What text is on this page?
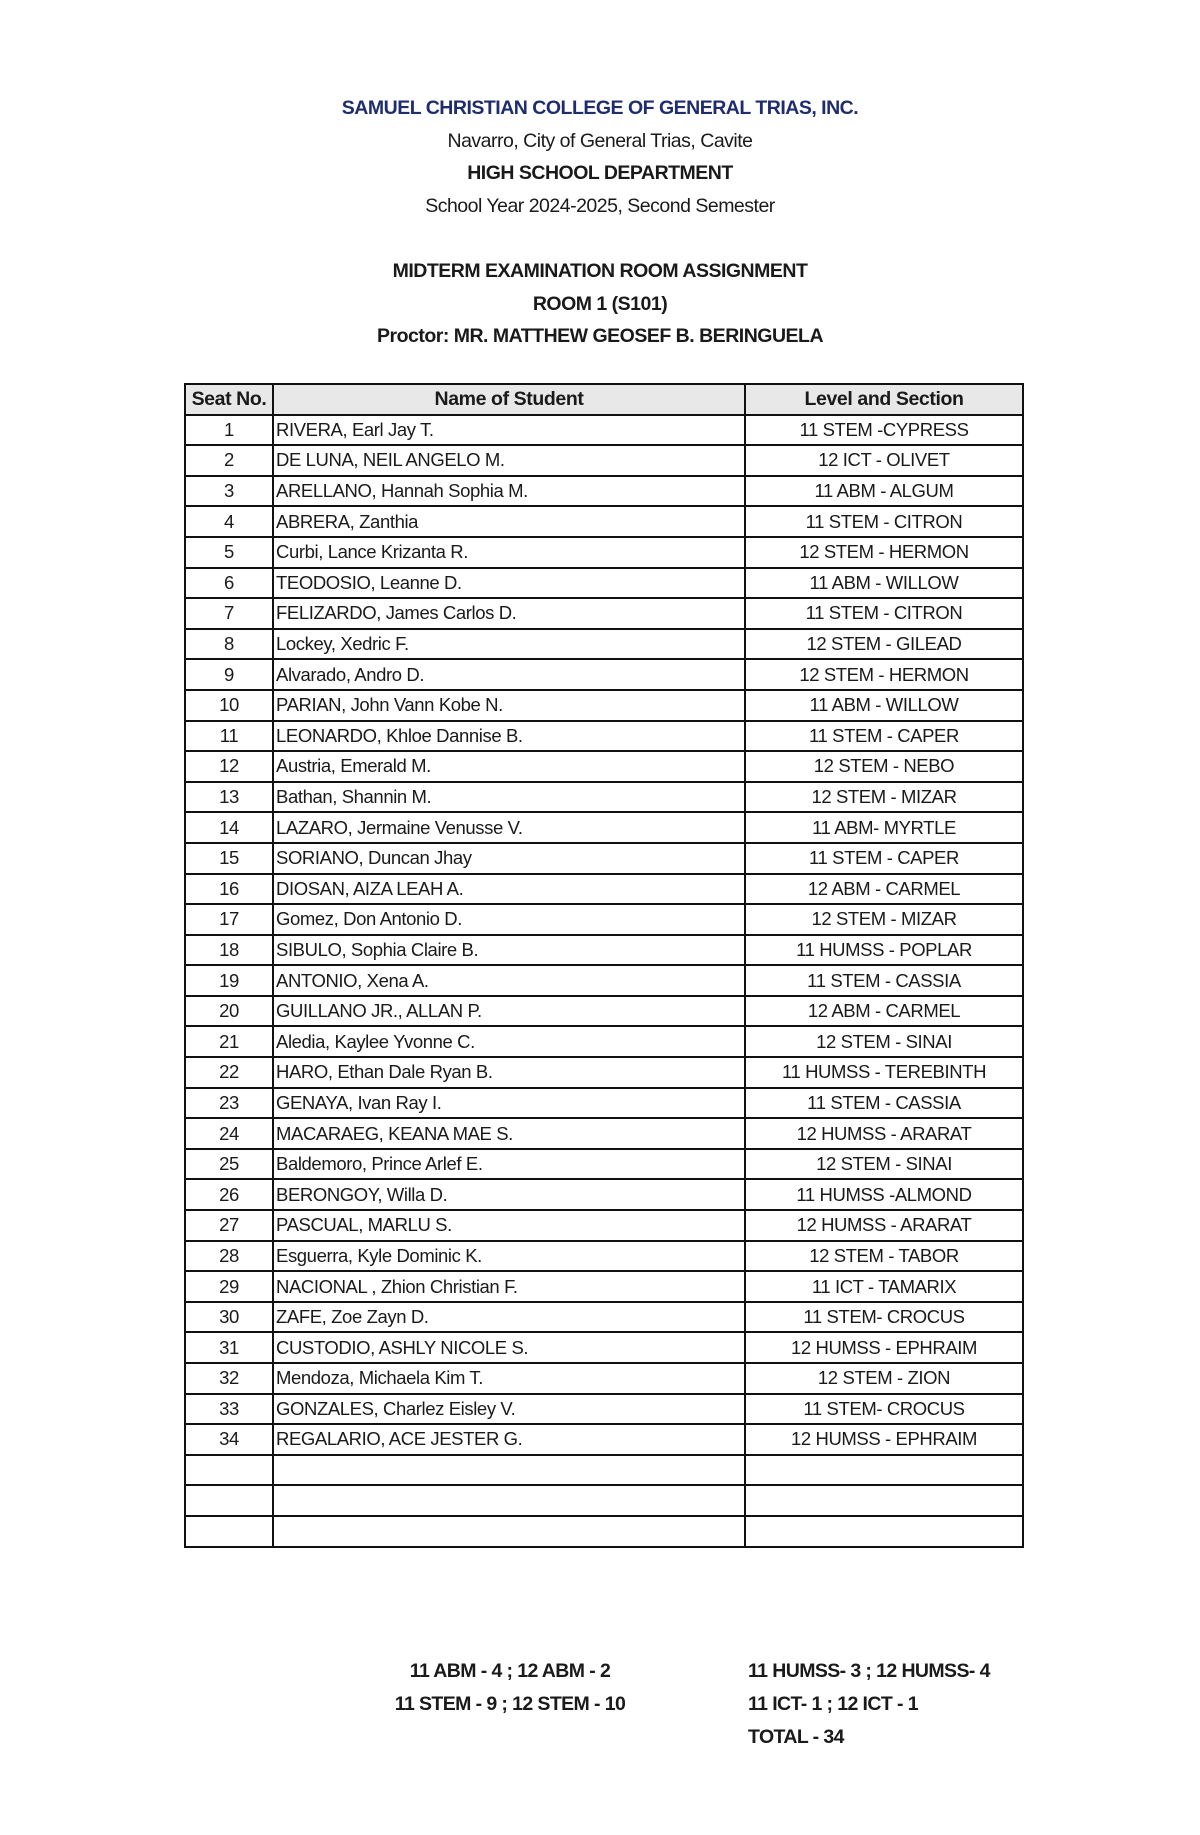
SAMUEL CHRISTIAN COLLEGE OF GENERAL TRIAS, INC.
Navarro, City of General Trias, Cavite
HIGH SCHOOL DEPARTMENT
School Year 2024-2025, Second Semester
MIDTERM EXAMINATION ROOM ASSIGNMENT
ROOM 1 (S101)
Proctor: MR. MATTHEW GEOSEF B. BERINGUELA
Seat No.	Name of Student	Level and Section
1	RIVERA, Earl Jay T.	11 STEM -CYPRESS
2	DE LUNA, NEIL ANGELO M.	12 ICT - OLIVET
3	ARELLANO, Hannah Sophia M.	11 ABM - ALGUM
4	ABRERA, Zanthia	11 STEM - CITRON
5	Curbi, Lance Krizanta R.	12 STEM - HERMON
6	TEODOSIO, Leanne D.	11 ABM - WILLOW
7	FELIZARDO, James Carlos D.	11 STEM - CITRON
8	Lockey, Xedric F.	12 STEM - GILEAD
9	Alvarado, Andro D.	12 STEM - HERMON
10	PARIAN, John Vann Kobe N.	11 ABM - WILLOW
11	LEONARDO, Khloe Dannise B.	11 STEM - CAPER
12	Austria, Emerald M.	12 STEM - NEBO
13	Bathan, Shannin M.	12 STEM - MIZAR
14	LAZARO, Jermaine Venusse V.	11 ABM- MYRTLE
15	SORIANO, Duncan Jhay	11 STEM - CAPER
16	DIOSAN, AIZA LEAH A.	12 ABM - CARMEL
17	Gomez, Don Antonio D.	12 STEM - MIZAR
18	SIBULO, Sophia Claire B.	11 HUMSS - POPLAR
19	ANTONIO, Xena A.	11 STEM - CASSIA
20	GUILLANO JR., ALLAN P.	12 ABM - CARMEL
21	Aledia, Kaylee Yvonne C.	12 STEM - SINAI
22	HARO, Ethan Dale Ryan B.	11 HUMSS - TEREBINTH
23	GENAYA, Ivan Ray I.	11 STEM - CASSIA
24	MACARAEG, KEANA MAE S.	12 HUMSS - ARARAT
25	Baldemoro, Prince Arlef E.	12 STEM - SINAI
26	BERONGOY, Willa D.	11 HUMSS -ALMOND
27	PASCUAL, MARLU S.	12 HUMSS - ARARAT
28	Esguerra, Kyle Dominic K.	12 STEM - TABOR
29	NACIONAL , Zhion Christian F.	11 ICT - TAMARIX
30	ZAFE, Zoe Zayn D.	11 STEM- CROCUS
31	CUSTODIO, ASHLY NICOLE S.	12 HUMSS - EPHRAIM
32	Mendoza, Michaela Kim T.	12 STEM - ZION
33	GONZALES, Charlez Eisley V.	11 STEM- CROCUS
34	REGALARIO, ACE JESTER G.	12 HUMSS - EPHRAIM

11 ABM - 4 ; 12 ABM - 2
11 STEM - 9 ; 12 STEM - 10
11 HUMSS- 3 ; 12 HUMSS- 4
11 ICT- 1 ; 12 ICT - 1
TOTAL - 34
